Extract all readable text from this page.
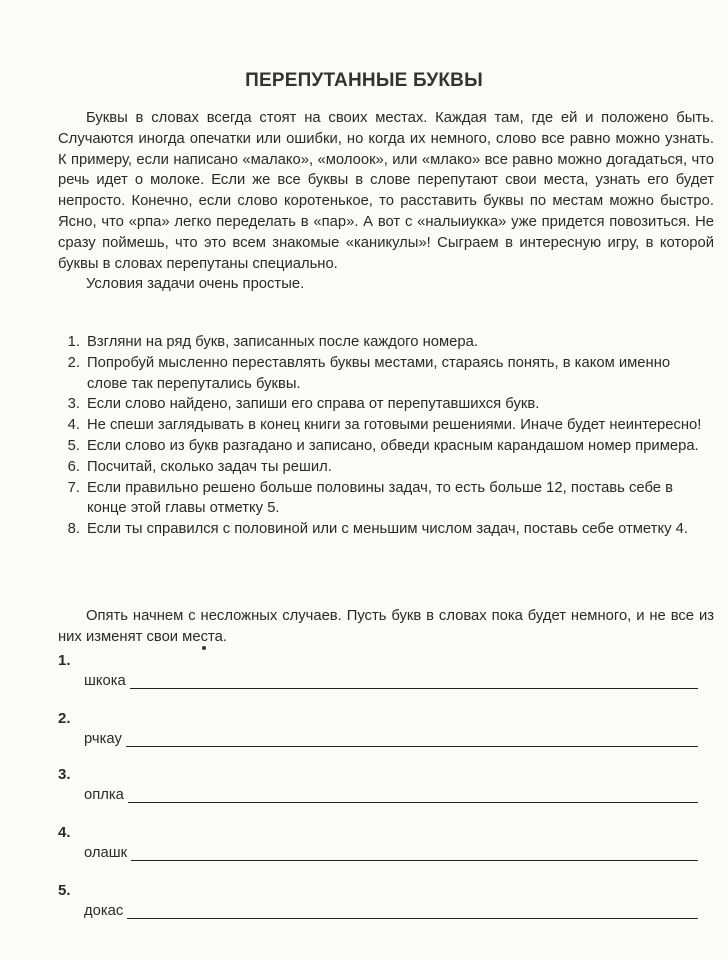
ПЕРЕПУТАННЫЕ БУКВЫ

Буквы в словах всегда стоят на своих местах. Каждая там, где ей и положено быть. Случаются иногда опечатки или ошибки, но когда их немного, слово все равно можно узнать. К примеру, если написано «малако», «молоок», или «млако» все равно можно догадаться, что речь идет о молоке. Если же все буквы в слове перепутают свои места, узнать его будет непросто. Конечно, если слово коротенькое, то расставить буквы по местам можно быстро. Ясно, что «рпа» легко переделать в «пар». А вот с «налыиукка» уже придется повозиться. Не сразу поймешь, что это всем знакомые «каникулы»! Сыграем в интересную игру, в которой буквы в словах перепутаны специально.

Условия задачи очень простые.

1. Взгляни на ряд букв, записанных после каждого номера.
2. Попробуй мысленно переставлять буквы местами, стараясь понять, в каком именно слове так перепутались буквы.
3. Если слово найдено, запиши его справа от перепутавшихся букв.
4. Не спеши заглядывать в конец книги за готовыми решениями. Иначе будет неинтересно!
5. Если слово из букв разгадано и записано, обведи красным карандашом номер примера.
6. Посчитай, сколько задач ты решил.
7. Если правильно решено больше половины задач, то есть больше 12, поставь себе в конце этой главы отметку 5.
8. Если ты справился с половиной или с меньшим числом задач, поставь себе отметку 4.

Опять начнем с несложных случаев. Пусть букв в словах пока будет немного, и не все из них изменят свои места.

1.
шкока
2.
рчкау
3.
оплка
4.
олашк
5.
докас
